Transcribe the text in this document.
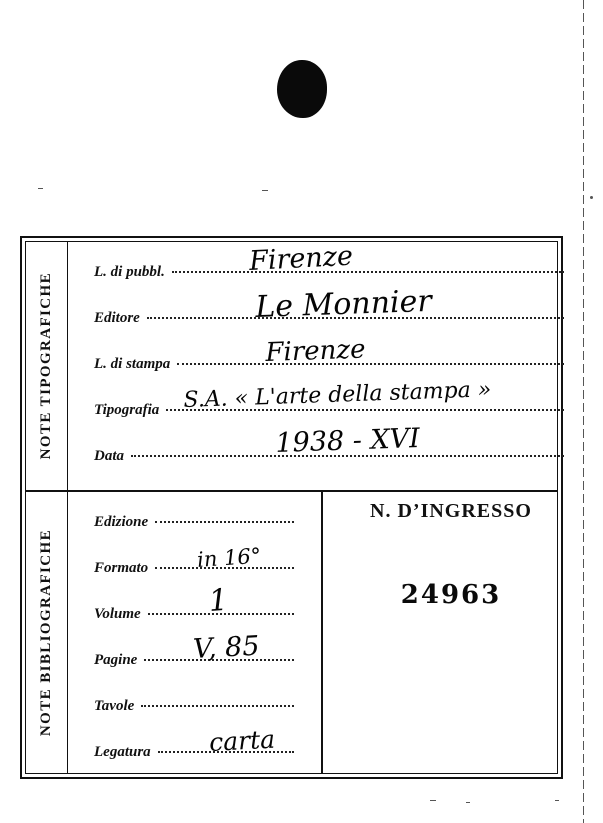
NOTE TIPOGRAFICHE
L. di pubbl.
Editore
L. di stampa
Tipografia
Data
Firenze
Le Monnier
Firenze
S.A. « L'arte della stampa »
1938 - XVI
NOTE BIBLIOGRAFICHE
Edizione
Formato
Volume
Pagine
Tavole
Legatura
in 16°
1
V, 85
carta
N. D’INGRESSO
24963
